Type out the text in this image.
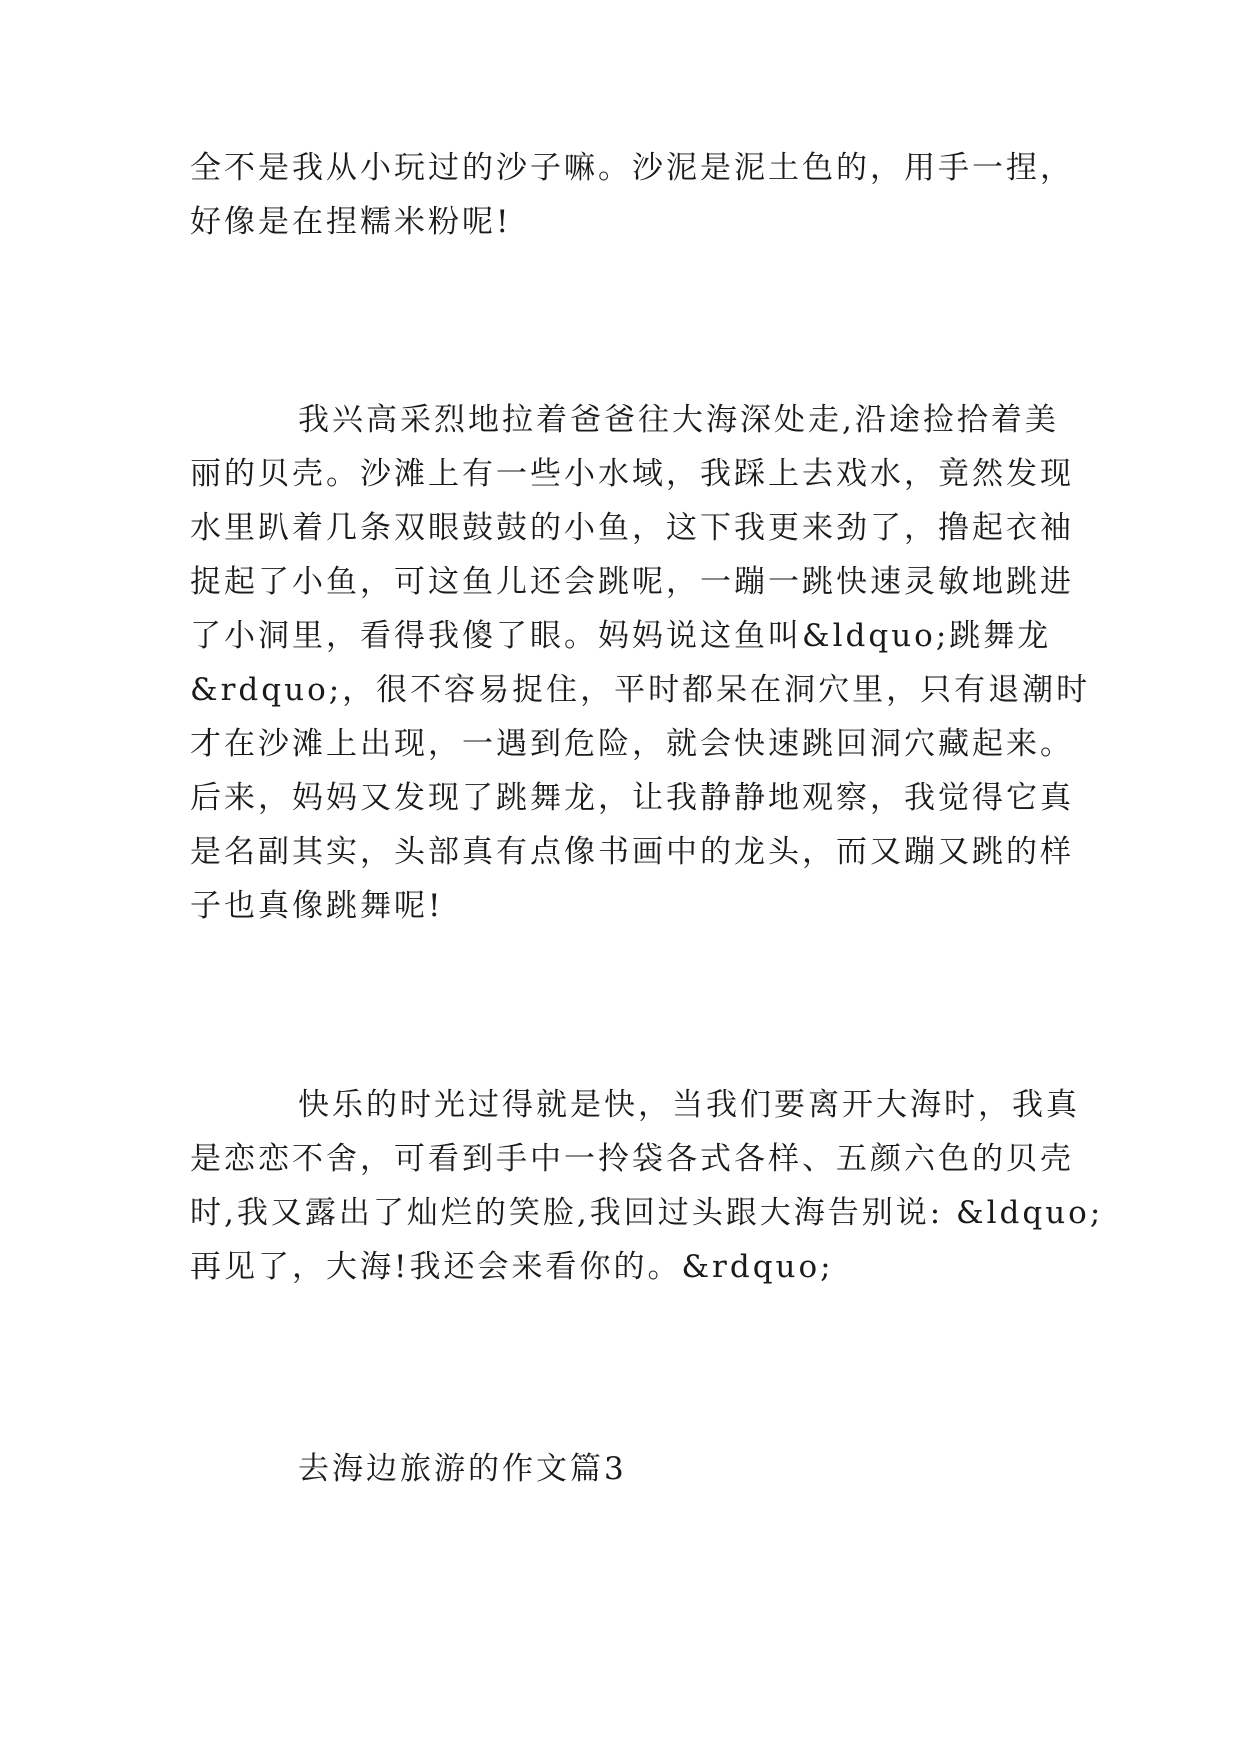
全不是我从小玩过的沙子嘛。沙泥是泥土色的，用手一捏，
好像是在捏糯米粉呢!
我兴高采烈地拉着爸爸往大海深处走,沿途捡拾着美
丽的贝壳。沙滩上有一些小水域，我踩上去戏水，竟然发现
水里趴着几条双眼鼓鼓的小鱼，这下我更来劲了，撸起衣袖
捉起了小鱼，可这鱼儿还会跳呢，一蹦一跳快速灵敏地跳进
了小洞里，看得我傻了眼。妈妈说这鱼叫&ldquo;跳舞龙
&rdquo;，很不容易捉住，平时都呆在洞穴里，只有退潮时
才在沙滩上出现，一遇到危险，就会快速跳回洞穴藏起来。
后来，妈妈又发现了跳舞龙，让我静静地观察，我觉得它真
是名副其实，头部真有点像书画中的龙头，而又蹦又跳的样
子也真像跳舞呢!
快乐的时光过得就是快，当我们要离开大海时，我真
是恋恋不舍，可看到手中一拎袋各式各样、五颜六色的贝壳
时,我又露出了灿烂的笑脸,我回过头跟大海告别说: &ldquo;
再见了，大海!我还会来看你的。&rdquo;
去海边旅游的作文篇3
